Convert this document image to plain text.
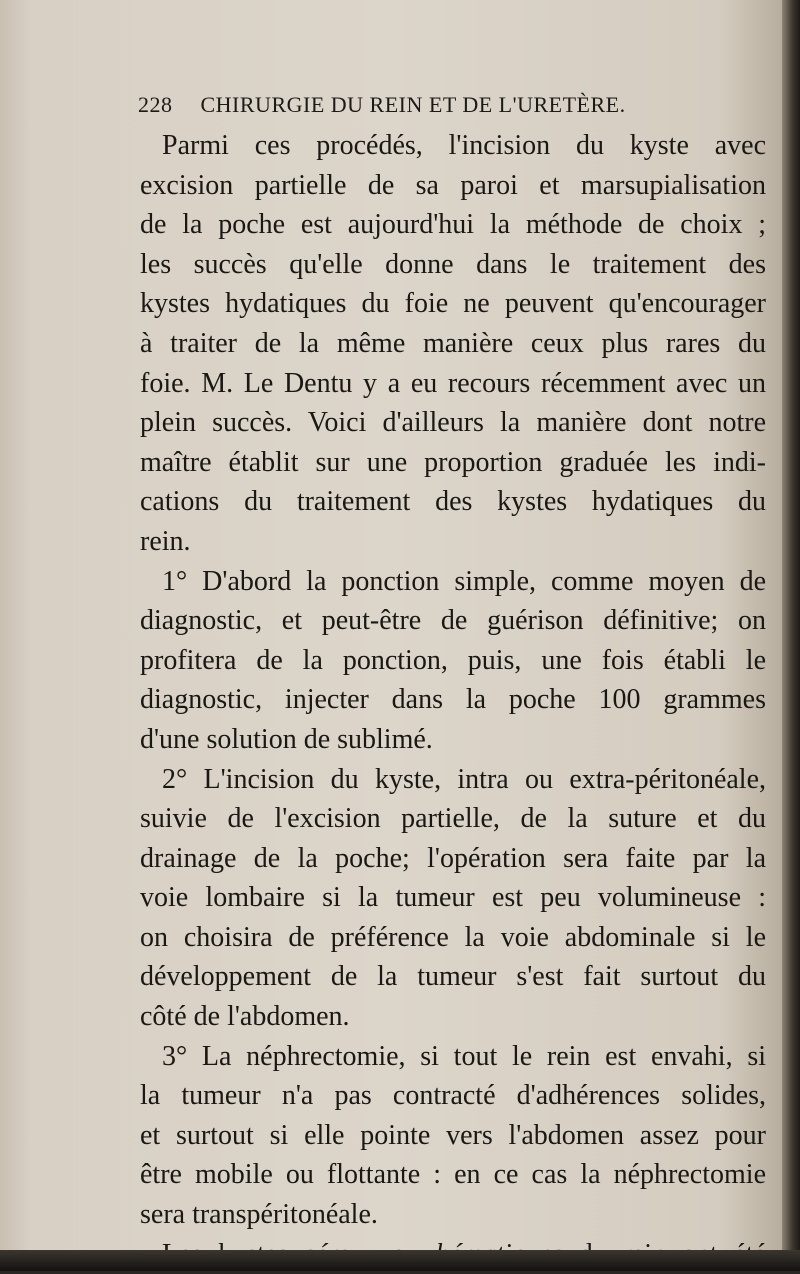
228 CHIRURGIE DU REIN ET DE L'URETÈRE.
Parmi ces procédés, l'incision du kyste avec
excision partielle de sa paroi et marsupialisation
de la poche est aujourd'hui la méthode de choix ;
les succès qu'elle donne dans le traitement des
kystes hydatiques du foie ne peuvent qu'encourager
à traiter de la même manière ceux plus rares du
foie. M. Le Dentu y a eu recours récemment avec un
plein succès. Voici d'ailleurs la manière dont notre
maître établit sur une proportion graduée les indi-
cations du traitement des kystes hydatiques du
rein.
1° D'abord la ponction simple, comme moyen de
diagnostic, et peut-être de guérison définitive; on
profitera de la ponction, puis, une fois établi le
diagnostic, injecter dans la poche 100 grammes
d'une solution de sublimé.
2° L'incision du kyste, intra ou extra-péritonéale,
suivie de l'excision partielle, de la suture et du
drainage de la poche; l'opération sera faite par la
voie lombaire si la tumeur est peu volumineuse :
on choisira de préférence la voie abdominale si le
développement de la tumeur s'est fait surtout du
côté de l'abdomen.
3° La néphrectomie, si tout le rein est envahi, si
la tumeur n'a pas contracté d'adhérences solides,
et surtout si elle pointe vers l'abdomen assez pour
être mobile ou flottante : en ce cas la néphrectomie
sera transpéritonéale.
